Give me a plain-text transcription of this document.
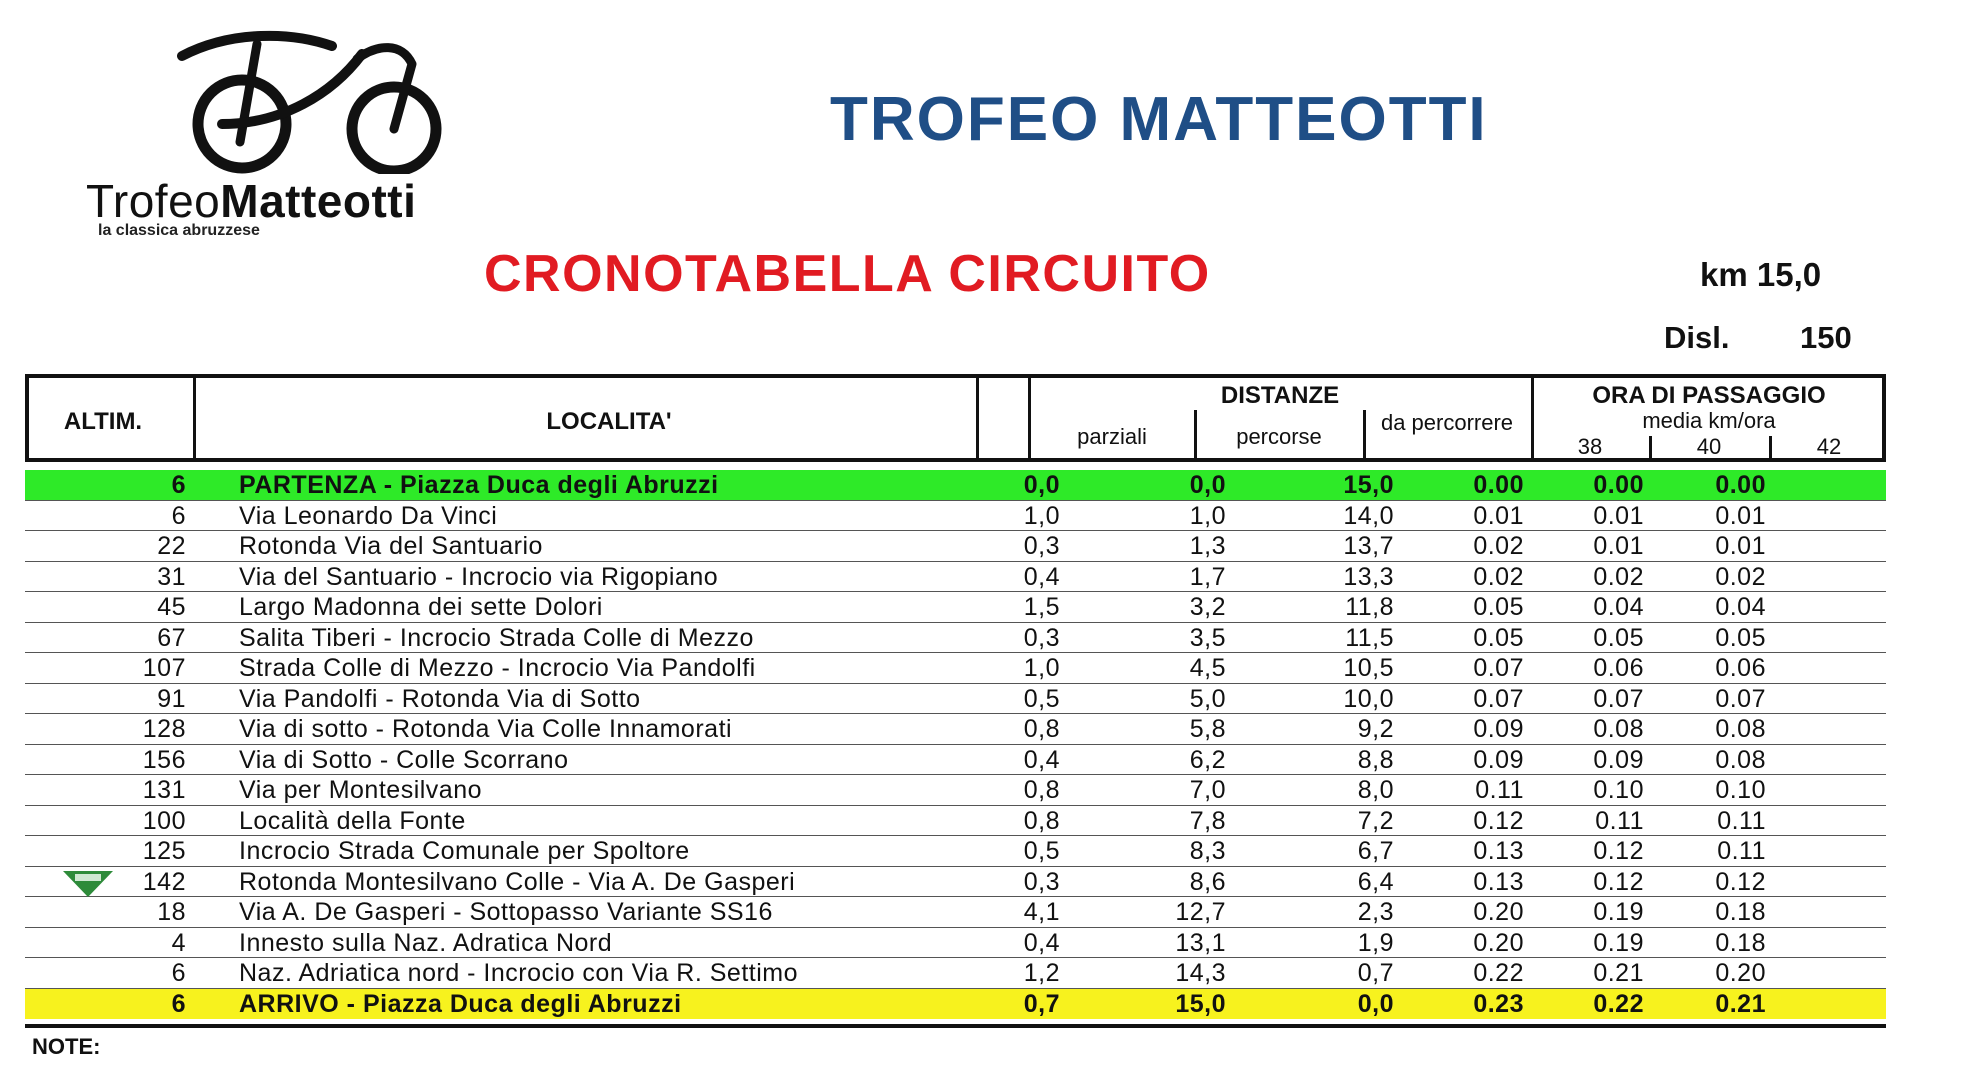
TrofeoMatteotti
la classica abruzzese
TROFEO MATTEOTTI
CRONOTABELLA CIRCUITO	km 15,0
Disl. 150
ALTIM.	LOCALITA'
DISTANZE
parziali	percorse
da percorrere
ORA DI PASSAGGIO
media km/ora
38	40	42
6 PARTENZA - Piazza Duca degli Abruzzi	0,0	0,0	15,0	0.00	0.00	0.00
6 Via Leonardo Da Vinci	1,0	1,0	14,0	0.01	0.01	0.01
22 Rotonda Via del Santuario	0,3	1,3	13,7	0.02	0.01	0.01
31 Via del Santuario - Incrocio via Rigopiano	0,4	1,7	13,3	0.02	0.02	0.02
45 Largo Madonna dei sette Dolori	1,5	3,2	11,8	0.05	0.04	0.04
67 Salita Tiberi - Incrocio Strada Colle di Mezzo	0,3	3,5	11,5	0.05	0.05	0.05
107 Strada Colle di Mezzo - Incrocio Via Pandolfi	1,0	4,5	10,5	0.07	0.06	0.06
91 Via Pandolfi - Rotonda Via di Sotto	0,5	5,0	10,0	0.07	0.07	0.07
128 Via di sotto - Rotonda Via Colle Innamorati	0,8	5,8	9,2	0.09	0.08	0.08
156 Via di Sotto - Colle Scorrano	0,4	6,2	8,8	0.09	0.09	0.08
131 Via per Montesilvano	0,8	7,0	8,0	0.11	0.10	0.10
100 Località della Fonte	0,8	7,8	7,2	0.12	0.11	0.11
125 Incrocio Strada Comunale per Spoltore	0,5	8,3	6,7	0.13	0.12	0.11
142 Rotonda Montesilvano Colle - Via A. De Gasperi	0,3	8,6	6,4	0.13	0.12	0.12
18 Via A. De Gasperi - Sottopasso Variante SS16	4,1	12,7	2,3	0.20	0.19	0.18
4 Innesto sulla Naz. Adratica Nord	0,4	13,1	1,9	0.20	0.19	0.18
6 Naz. Adriatica nord - Incrocio con Via R. Settimo	1,2	14,3	0,7	0.22	0.21	0.20
6 ARRIVO - Piazza Duca degli Abruzzi	0,7	15,0	0,0	0.23	0.22	0.21
NOTE:
